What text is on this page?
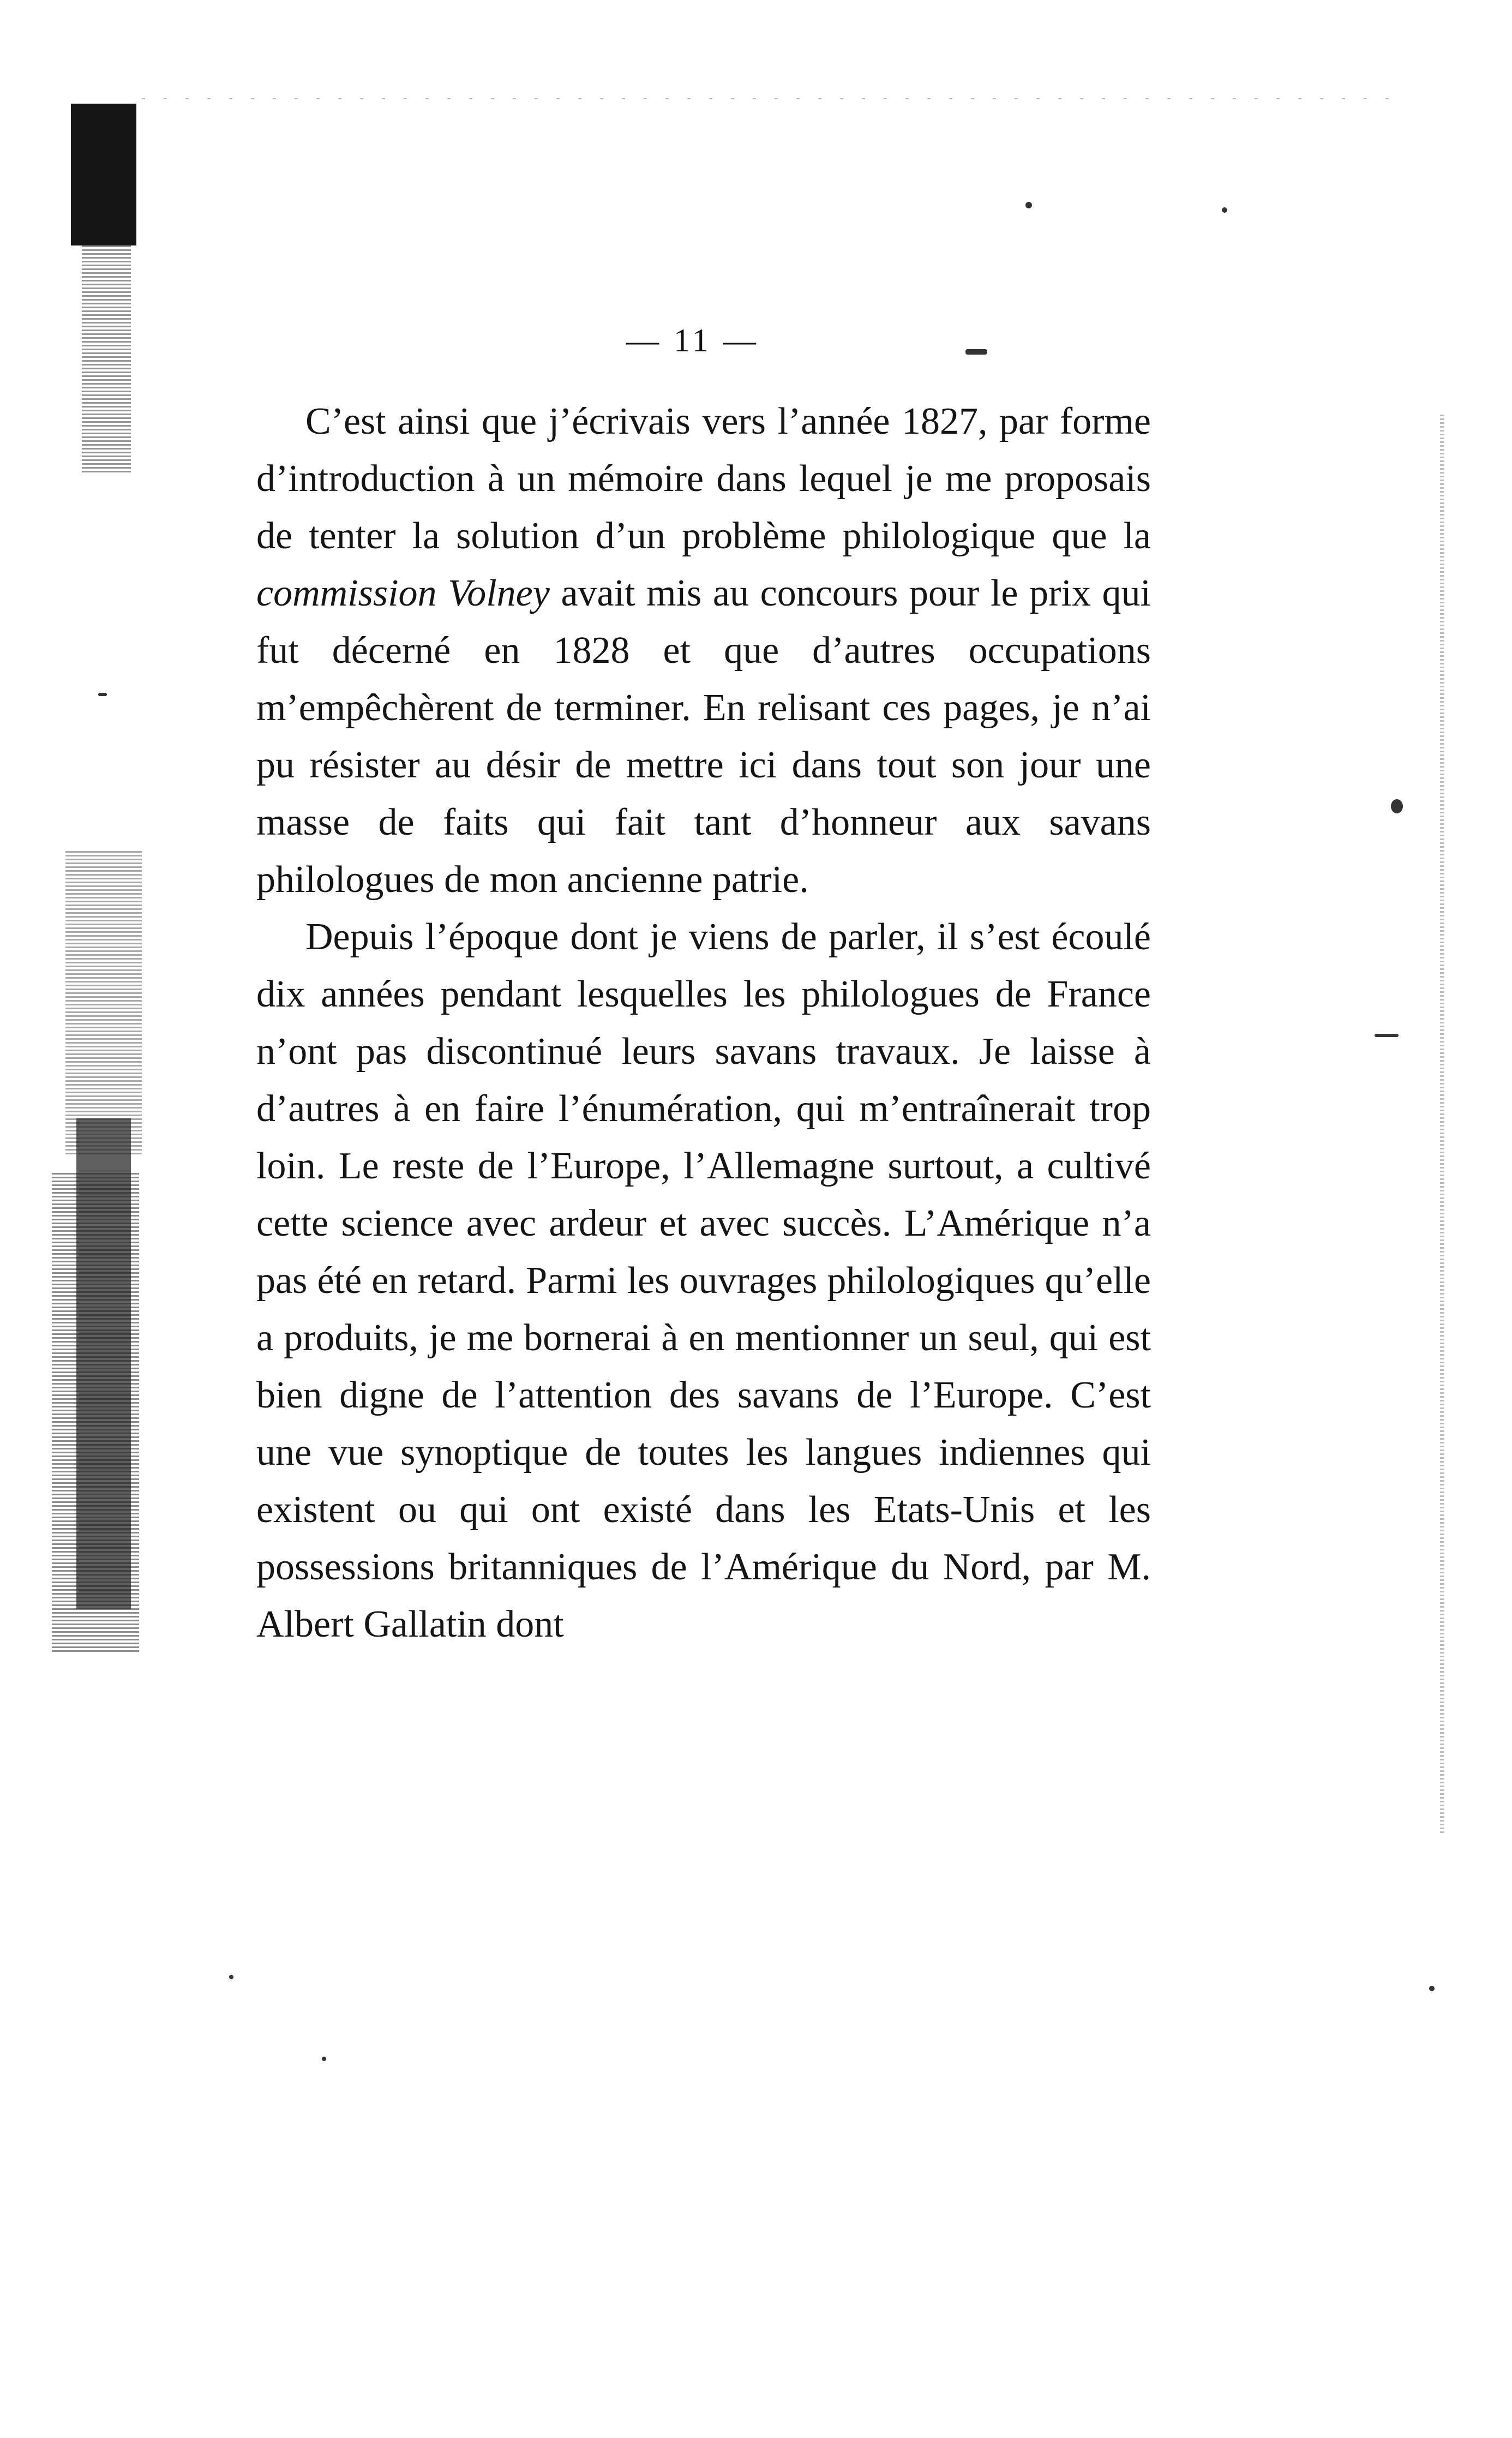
— 11 —

C’est ainsi que j’écrivais vers l’année 1827, par forme d’introduction à un mémoire dans lequel je me proposais de tenter la solution d’un problème philologique que la commission Volney avait mis au concours pour le prix qui fut décerné en 1828 et que d’autres occupations m’empêchèrent de terminer. En relisant ces pages, je n’ai pu résister au désir de mettre ici dans tout son jour une masse de faits qui fait tant d’honneur aux savans philologues de mon ancienne patrie.

Depuis l’époque dont je viens de parler, il s’est écoulé dix années pendant lesquelles les philologues de France n’ont pas discontinué leurs savans travaux. Je laisse à d’autres à en faire l’énumération, qui m’entraînerait trop loin. Le reste de l’Europe, l’Allemagne surtout, a cultivé cette science avec ardeur et avec succès. L’Amérique n’a pas été en retard. Parmi les ouvrages philologiques qu’elle a produits, je me bornerai à en mentionner un seul, qui est bien digne de l’attention des savans de l’Europe. C’est une vue synoptique de toutes les langues indiennes qui existent ou qui ont existé dans les Etats-Unis et les possessions britanniques de l’Amérique du Nord, par M. Albert Gallatin dont
